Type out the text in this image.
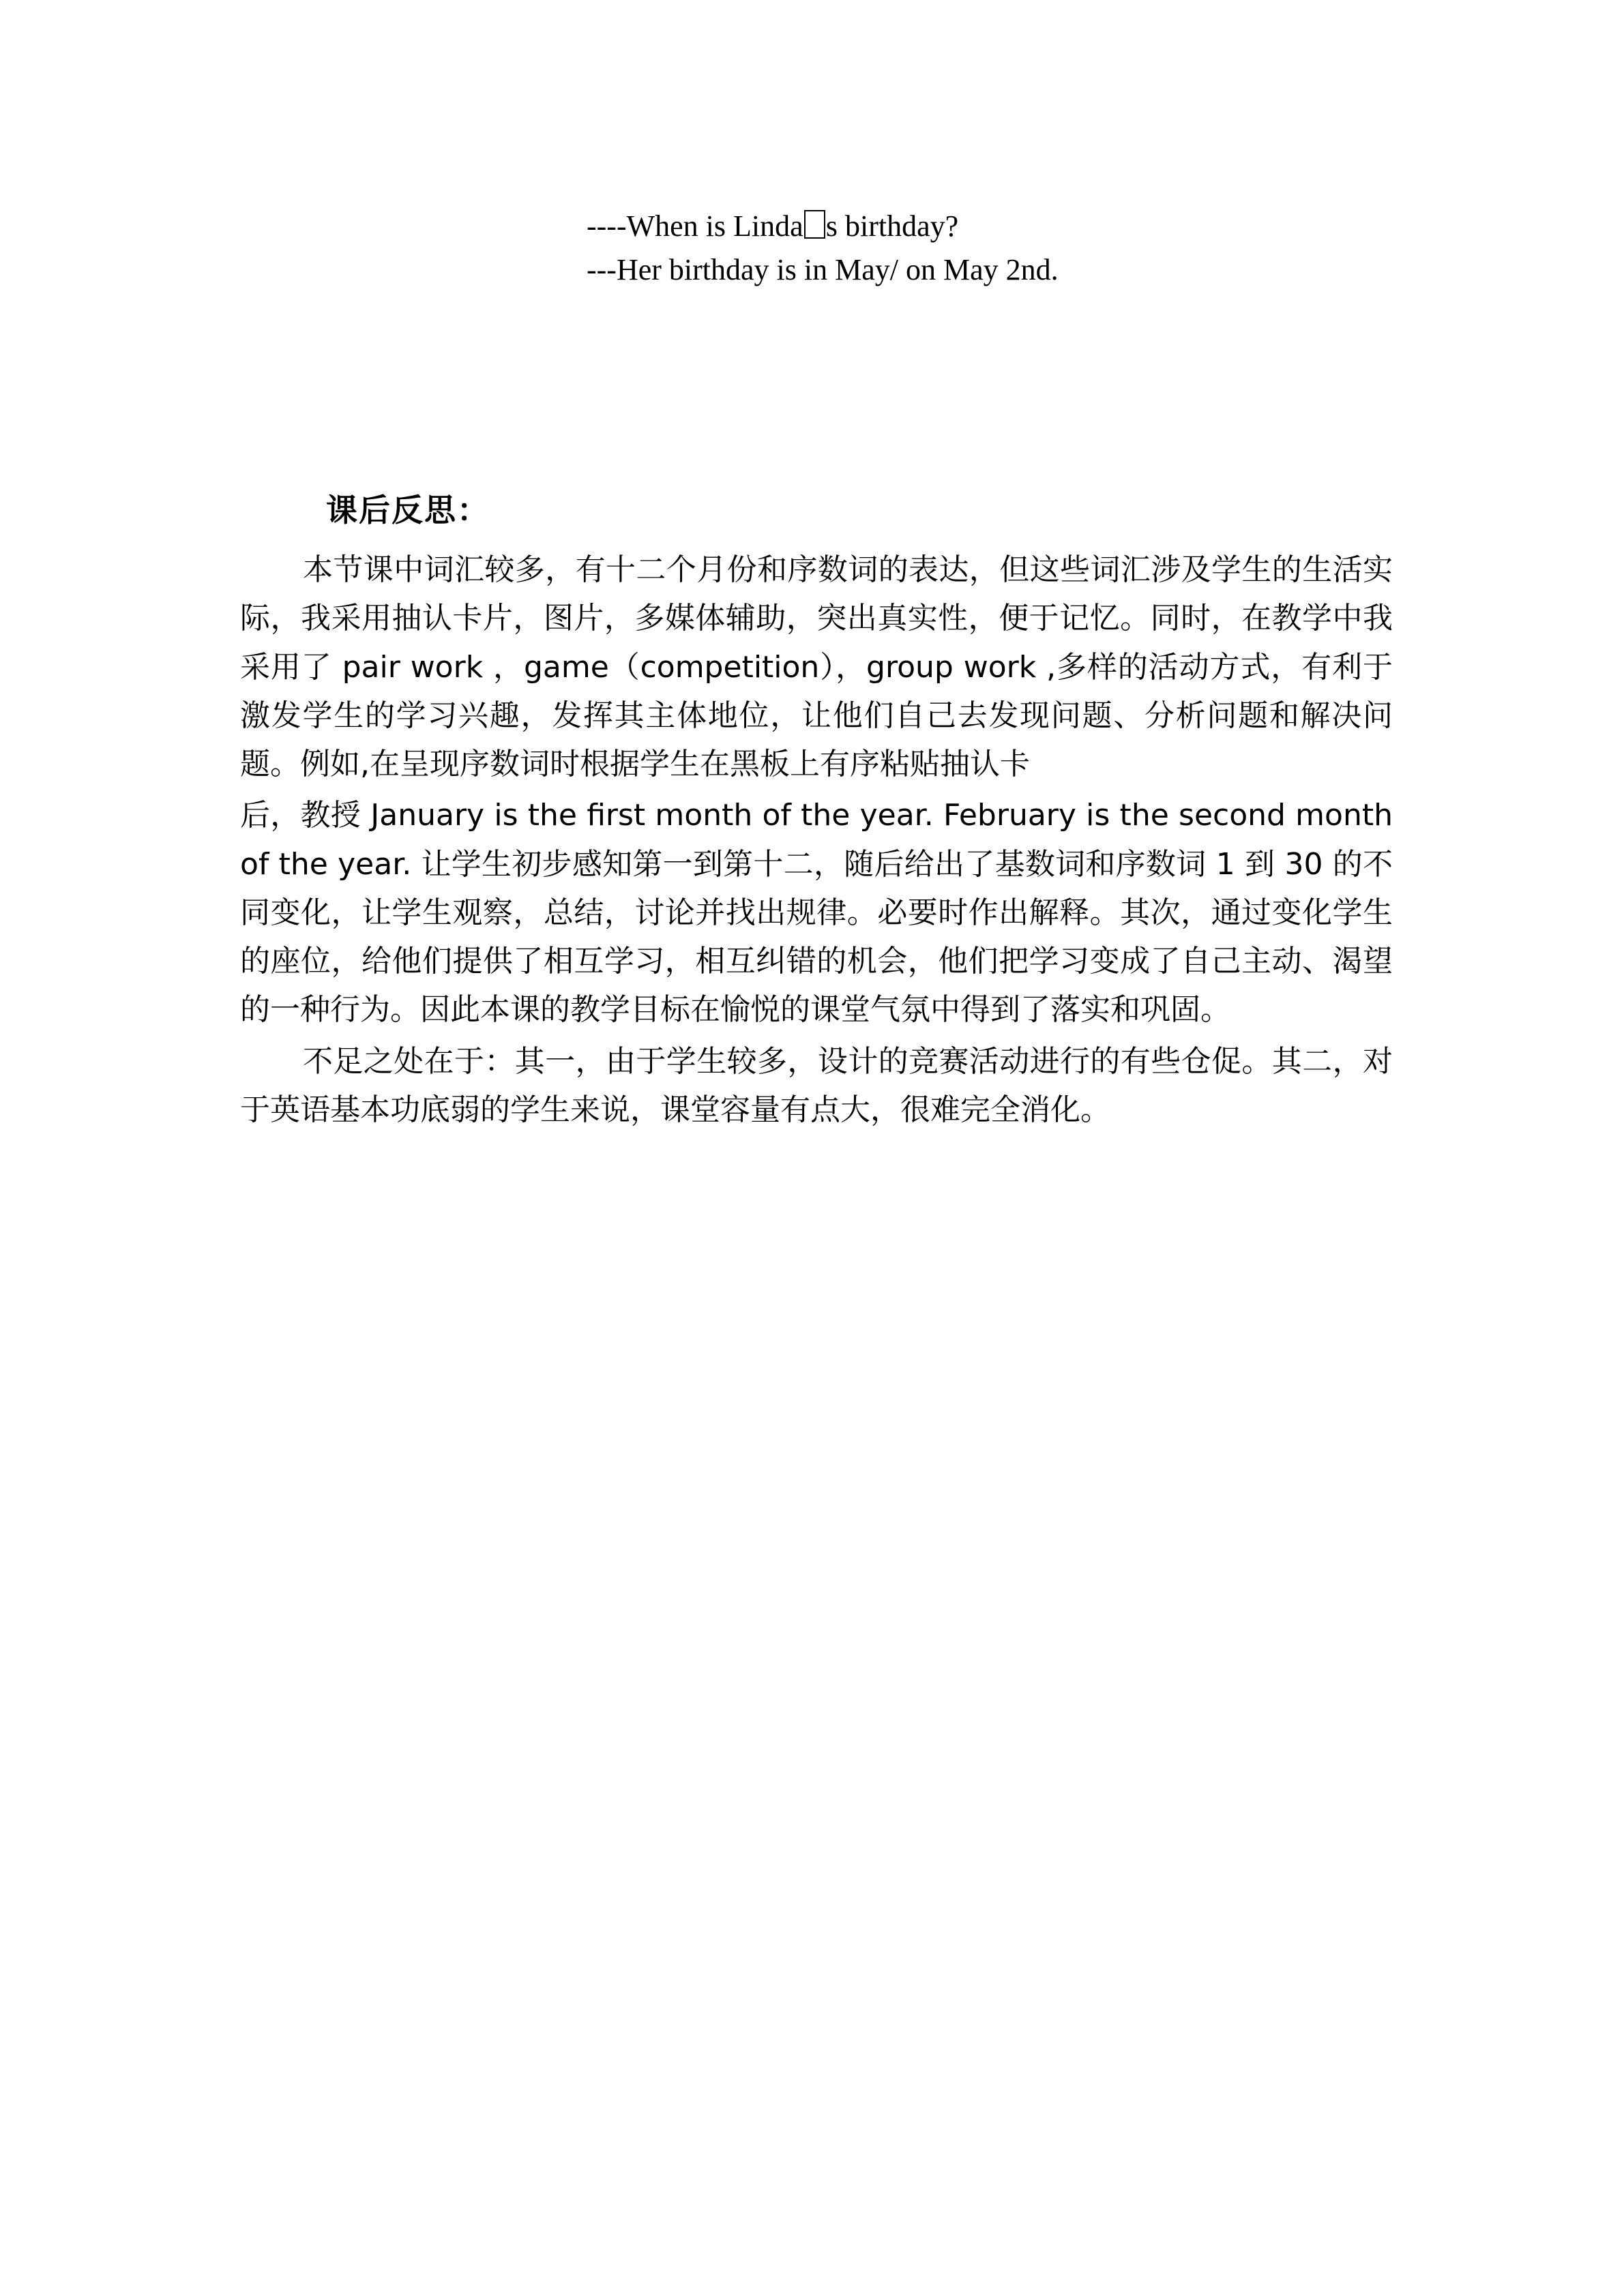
----When is Linda s birthday?
---Her birthday is in May/ on May 2nd.
课后反思：

本节课中词汇较多，有十二个月份和序数词的表达，但这些词汇涉及学生的生活实际，我采用抽认卡片，图片，多媒体辅助，突出真实性，便于记忆。同时，在教学中我采用了 pair work ，game（competition），group work ,多样的活动方式，有利于激发学生的学习兴趣，发挥其主体地位，让他们自己去发现问题、分析问题和解决问题。例如,在呈现序数词时根据学生在黑板上有序粘贴抽认卡

后，教授 January is the first month of the year. February is the second month of the year. 让学生初步感知第一到第十二，随后给出了基数词和序数词 1 到 30 的不同变化，让学生观察，总结，讨论并找出规律。必要时作出解释。其次，通过变化学生的座位，给他们提供了相互学习，相互纠错的机会，他们把学习变成了自己主动、渴望的一种行为。因此本课的教学目标在愉悦的课堂气氛中得到了落实和巩固。

不足之处在于：其一，由于学生较多，设计的竞赛活动进行的有些仓促。其二，对于英语基本功底弱的学生来说，课堂容量有点大，很难完全消化。
